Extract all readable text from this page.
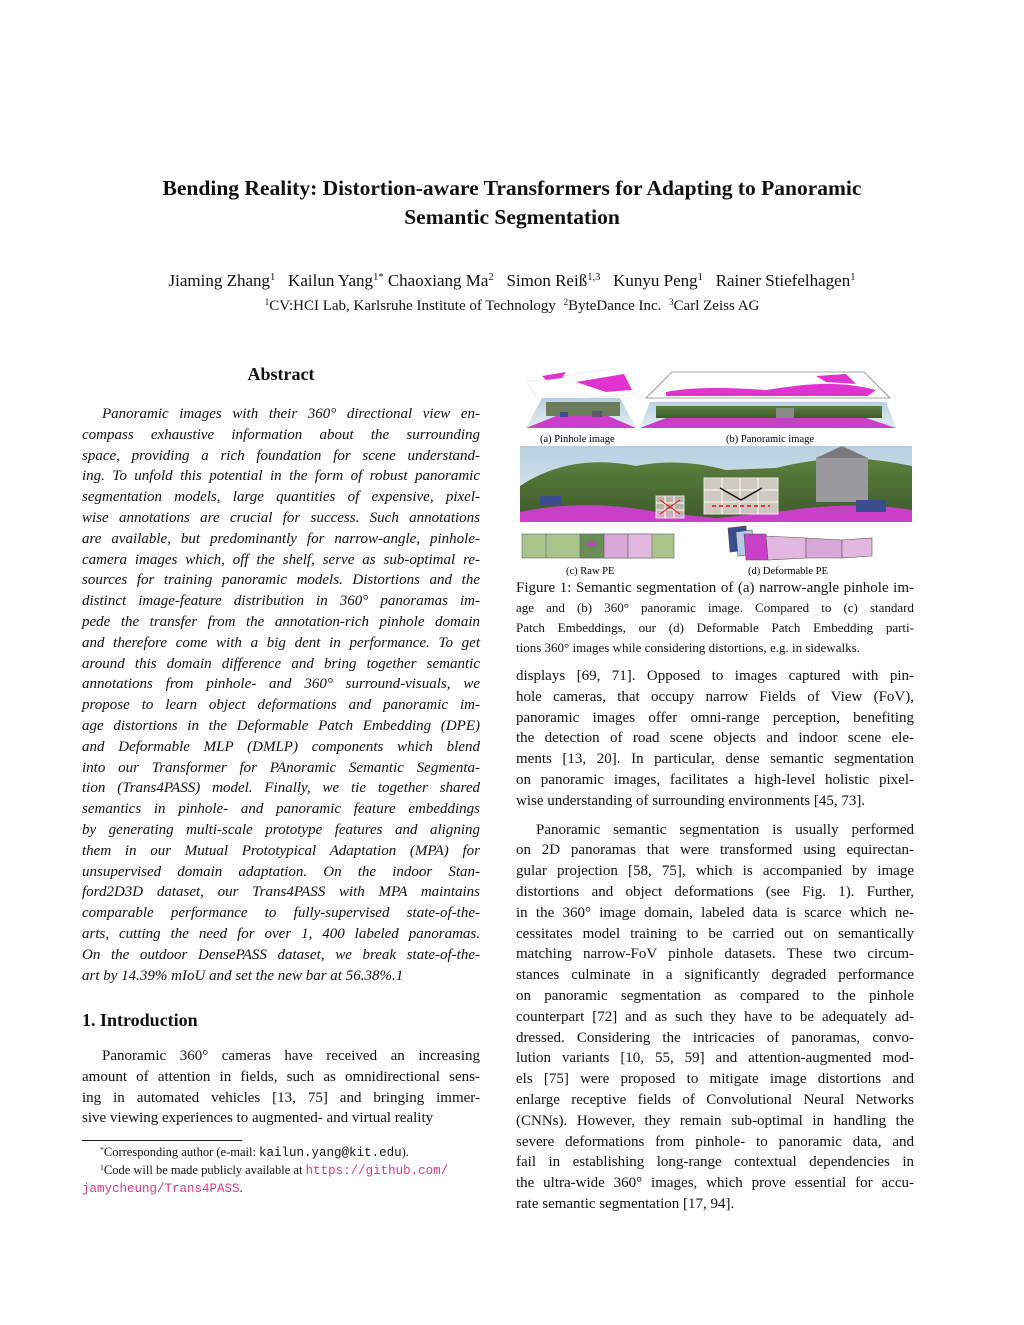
Bending Reality: Distortion-aware Transformers for Adapting to Panoramic
Semantic Segmentation
Jiaming Zhang$^1$ Kailun Yang$^{1*}$ Chaoxiang Ma$^2$ Simon Reiß$^{1,3}$ Kunyu Peng$^1$ Rainer Stiefelhagen$^1$
$^1$CV:HCI Lab, Karlsruhe Institute of Technology $^2$ByteDance Inc. $^3$Carl Zeiss AG
Abstract
Panoramic images with their 360° directional view en-
compass exhaustive information about the surrounding
space, providing a rich foundation for scene understand-
ing. To unfold this potential in the form of robust panoramic
segmentation models, large quantities of expensive, pixel-
wise annotations are crucial for success. Such annotations
are available, but predominantly for narrow-angle, pinhole-
camera images which, off the shelf, serve as sub-optimal re-
sources for training panoramic models. Distortions and the
distinct image-feature distribution in 360° panoramas im-
pede the transfer from the annotation-rich pinhole domain
and therefore come with a big dent in performance. To get
around this domain difference and bring together semantic
annotations from pinhole- and 360° surround-visuals, we
propose to learn object deformations and panoramic im-
age distortions in the Deformable Patch Embedding (DPE)
and Deformable MLP (DMLP) components which blend
into our Transformer for PAnoramic Semantic Segmenta-
tion (Trans4PASS) model. Finally, we tie together shared
semantics in pinhole- and panoramic feature embeddings
by generating multi-scale prototype features and aligning
them in our Mutual Prototypical Adaptation (MPA) for
unsupervised domain adaptation. On the indoor Stan-
ford2D3D dataset, our Trans4PASS with MPA maintains
comparable performance to fully-supervised state-of-the-
arts, cutting the need for over 1, 400 labeled panoramas.
On the outdoor DensePASS dataset, we break state-of-the-
art by 14.39% mIoU and set the new bar at 56.38%.1
1. Introduction
Panoramic 360° cameras have received an increasing
amount of attention in fields, such as omnidirectional sens-
ing in automated vehicles [13, 75] and bringing immer-
sive viewing experiences to augmented- and virtual reality
*Corresponding author (e-mail: kailun.yang@kit.edu).
$^1$Code will be made publicly available at https://github.com/
jamycheung/Trans4PASS.
(a) Pinhole image	(b) Panoramic image
(c) Raw PE	(d) Deformable PE
Figure 1: Semantic segmentation of (a) narrow-angle pinhole im-
age and (b) 360° panoramic image. Compared to (c) standard
Patch Embeddings, our (d) Deformable Patch Embedding parti-
tions 360° images while considering distortions, e.g. in sidewalks.
displays [69, 71]. Opposed to images captured with pin-
hole cameras, that occupy narrow Fields of View (FoV),
panoramic images offer omni-range perception, benefiting
the detection of road scene objects and indoor scene ele-
ments [13, 20]. In particular, dense semantic segmentation
on panoramic images, facilitates a high-level holistic pixel-
wise understanding of surrounding environments [45, 73].
Panoramic semantic segmentation is usually performed
on 2D panoramas that were transformed using equirectan-
gular projection [58, 75], which is accompanied by image
distortions and object deformations (see Fig. 1). Further,
in the 360° image domain, labeled data is scarce which ne-
cessitates model training to be carried out on semantically
matching narrow-FoV pinhole datasets. These two circum-
stances culminate in a significantly degraded performance
on panoramic segmentation as compared to the pinhole
counterpart [72] and as such they have to be adequately ad-
dressed. Considering the intricacies of panoramas, convo-
lution variants [10, 55, 59] and attention-augmented mod-
els [75] were proposed to mitigate image distortions and
enlarge receptive fields of Convolutional Neural Networks
(CNNs). However, they remain sub-optimal in handling the
severe deformations from pinhole- to panoramic data, and
fail in establishing long-range contextual dependencies in
the ultra-wide 360° images, which prove essential for accu-
rate semantic segmentation [17, 94].
